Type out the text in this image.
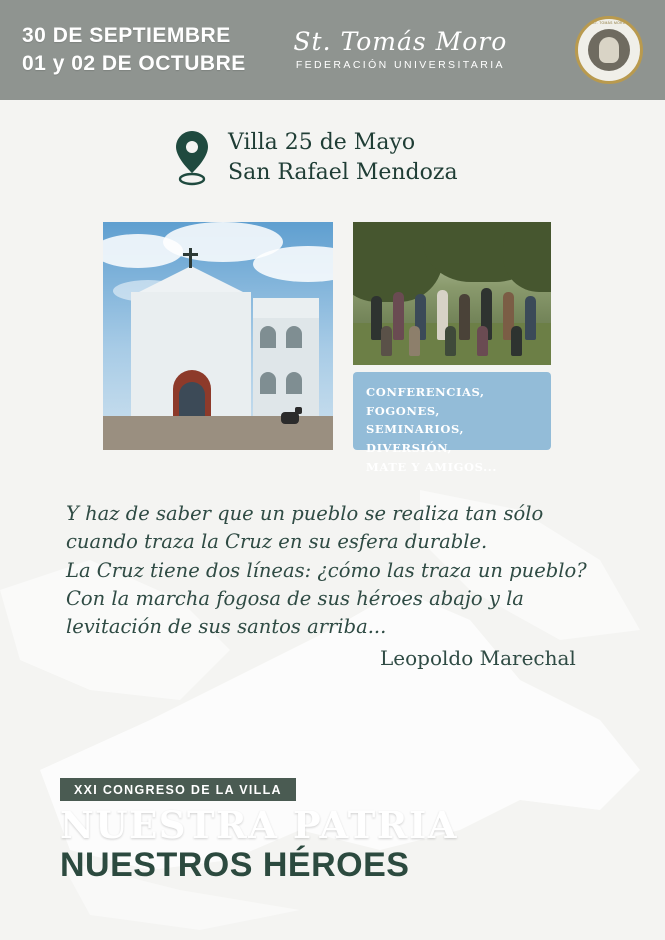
30 DE SEPTIEMBRE
01 y 02 DE OCTUBRE
St. Tomás Moro
FEDERACIÓN UNIVERSITARIA
ST. TOMÁS MORO
Villa 25 de Mayo
San Rafael Mendoza
CONFERENCIAS, FOGONES,
SEMINARIOS, DIVERSIÓN,
MATE Y AMIGOS...
Y haz de saber que un pueblo se realiza tan sólo
cuando traza la Cruz en su esfera durable.
La Cruz tiene dos líneas: ¿cómo las traza un pueblo?
Con la marcha fogosa de sus héroes abajo y la
levitación de sus santos arriba...
Leopoldo Marechal
XXI CONGRESO DE LA VILLA
NUESTRA PATRIA
NUESTROS HÉROES
